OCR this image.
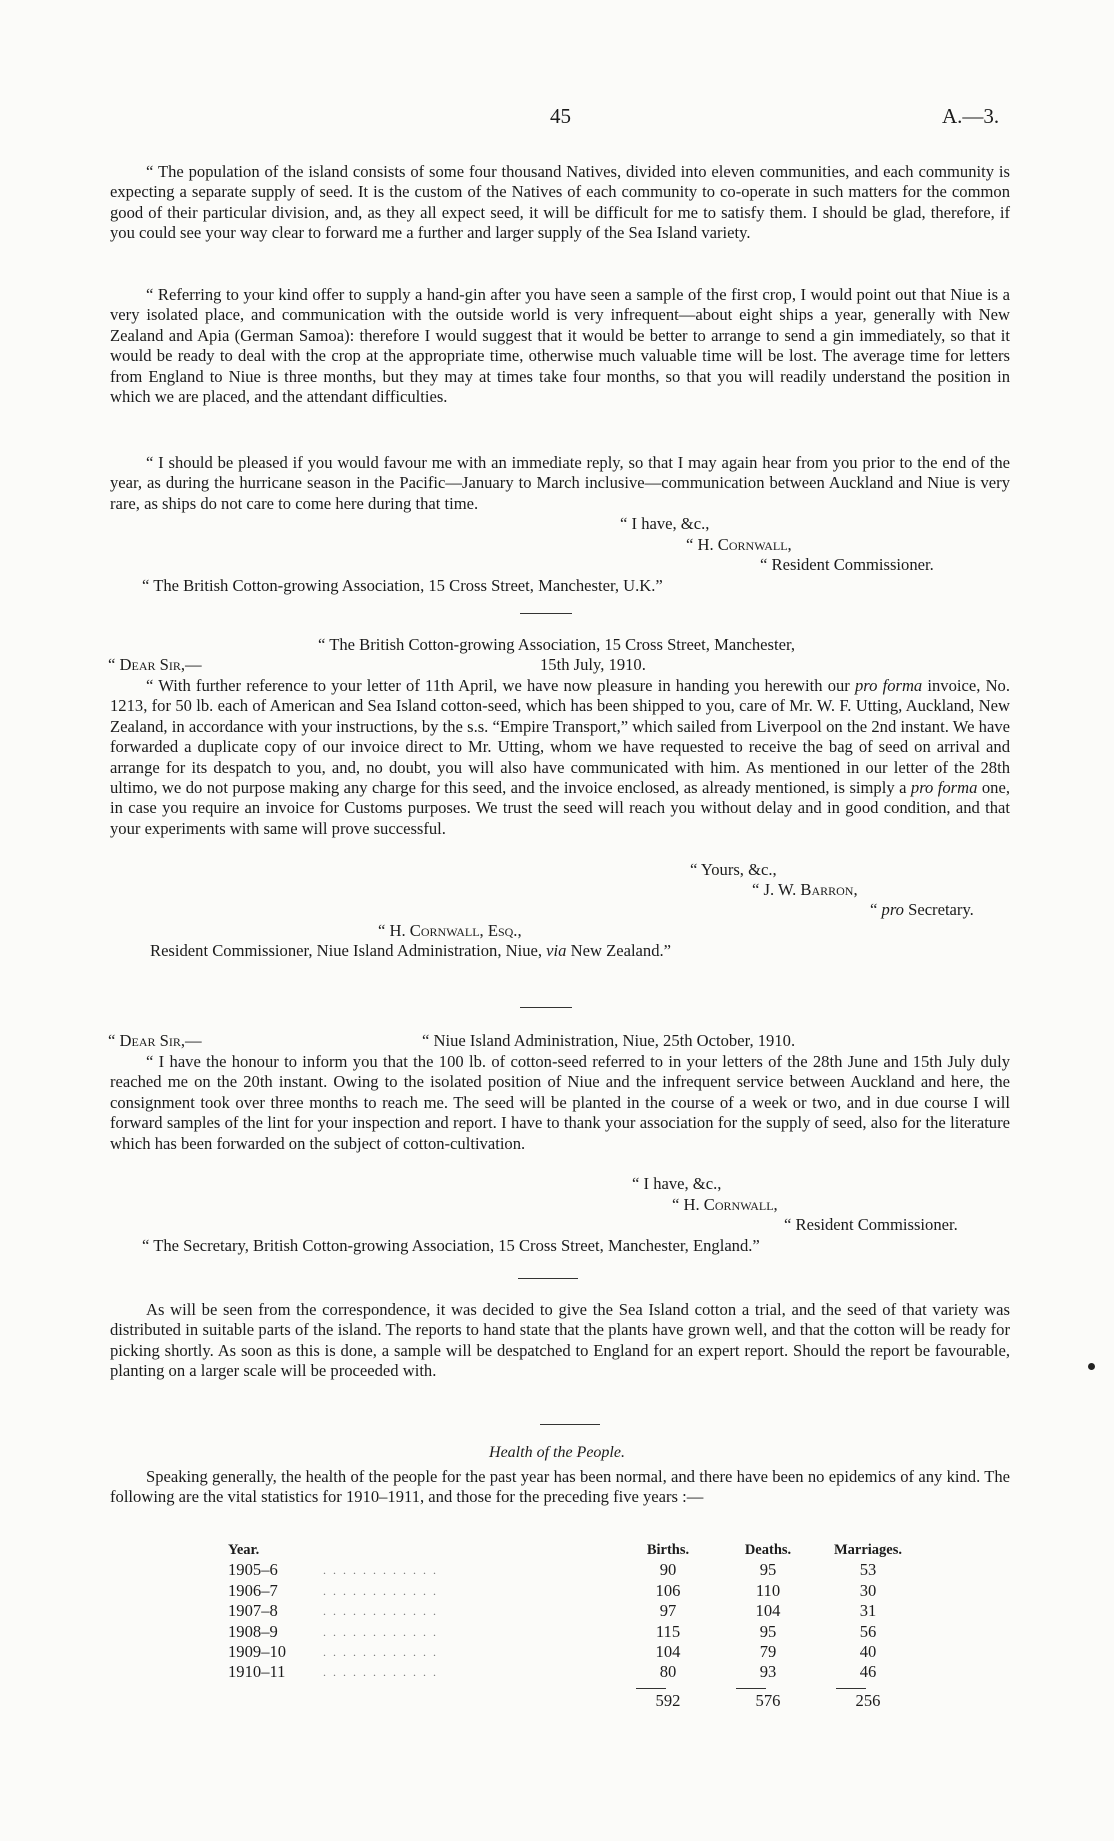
45	A.—3.

“ The population of the island consists of some four thousand Natives, divided into eleven communities, and each community is expecting a separate supply of seed. It is the custom of the Natives of each community to co-operate in such matters for the common good of their particular division, and, as they all expect seed, it will be difficult for me to satisfy them. I should be glad, therefore, if you could see your way clear to forward me a further and larger supply of the Sea Island variety.

“ Referring to your kind offer to supply a hand-gin after you have seen a sample of the first crop, I would point out that Niue is a very isolated place, and communication with the outside world is very infrequent—about eight ships a year, generally with New Zealand and Apia (German Samoa): therefore I would suggest that it would be better to arrange to send a gin immediately, so that it would be ready to deal with the crop at the appropriate time, otherwise much valuable time will be lost. The average time for letters from England to Niue is three months, but they may at times take four months, so that you will readily understand the position in which we are placed, and the attendant difficulties.

“ I should be pleased if you would favour me with an immediate reply, so that I may again hear from you prior to the end of the year, as during the hurricane season in the Pacific—January to March inclusive—communication between Auckland and Niue is very rare, as ships do not care to come here during that time.

“ I have, &c.,
“ H. Cornwall,
“ Resident Commissioner.
“ The British Cotton-growing Association, 15 Cross Street, Manchester, U.K.”
“ The British Cotton-growing Association, 15 Cross Street, Manchester,
“ Dear Sir,—	15th July, 1910.

“ With further reference to your letter of 11th April, we have now pleasure in handing you herewith our pro forma invoice, No. 1213, for 50 lb. each of American and Sea Island cotton-seed, which has been shipped to you, care of Mr. W. F. Utting, Auckland, New Zealand, in accordance with your instructions, by the s.s. “Empire Transport,” which sailed from Liverpool on the 2nd instant. We have forwarded a duplicate copy of our invoice direct to Mr. Utting, whom we have requested to receive the bag of seed on arrival and arrange for its despatch to you, and, no doubt, you will also have communicated with him. As mentioned in our letter of the 28th ultimo, we do not purpose making any charge for this seed, and the invoice enclosed, as already mentioned, is simply a pro forma one, in case you require an invoice for Customs purposes. We trust the seed will reach you without delay and in good condition, and that your experiments with same will prove successful.

“ Yours, &c.,
“ J. W. Barron,
“ pro Secretary.
“ H. Cornwall, Esq.,
Resident Commissioner, Niue Island Administration, Niue, via New Zealand.”
“ Dear Sir,—	“ Niue Island Administration, Niue, 25th October, 1910.

“ I have the honour to inform you that the 100 lb. of cotton-seed referred to in your letters of the 28th June and 15th July duly reached me on the 20th instant. Owing to the isolated position of Niue and the infrequent service between Auckland and here, the consignment took over three months to reach me. The seed will be planted in the course of a week or two, and in due course I will forward samples of the lint for your inspection and report. I have to thank your association for the supply of seed, also for the literature which has been forwarded on the subject of cotton-cultivation.

“ I have, &c.,
“ H. Cornwall,
“ Resident Commissioner.
“ The Secretary, British Cotton-growing Association, 15 Cross Street, Manchester, England.”

As will be seen from the correspondence, it was decided to give the Sea Island cotton a trial, and the seed of that variety was distributed in suitable parts of the island. The reports to hand state that the plants have grown well, and that the cotton will be ready for picking shortly. As soon as this is done, a sample will be despatched to England for an expert report. Should the report be favourable, planting on a larger scale will be proceeded with.

Health of the People.

Speaking generally, the health of the people for the past year has been normal, and there have been no epidemics of any kind. The following are the vital statistics for 1910–1911, and those for the preceding five years :—

Year.		Births.	Deaths.	Marriages.
1905–6	. . . . . . . . . . . .	90	95	53
1906–7	. . . . . . . . . . . .	106	110	30
1907–8	. . . . . . . . . . . .	97	104	31
1908–9	. . . . . . . . . . . .	115	95	56
1909–10	. . . . . . . . . . . .	104	79	40
1910–11	. . . . . . . . . . . .	80	93	46
		592	576	256
